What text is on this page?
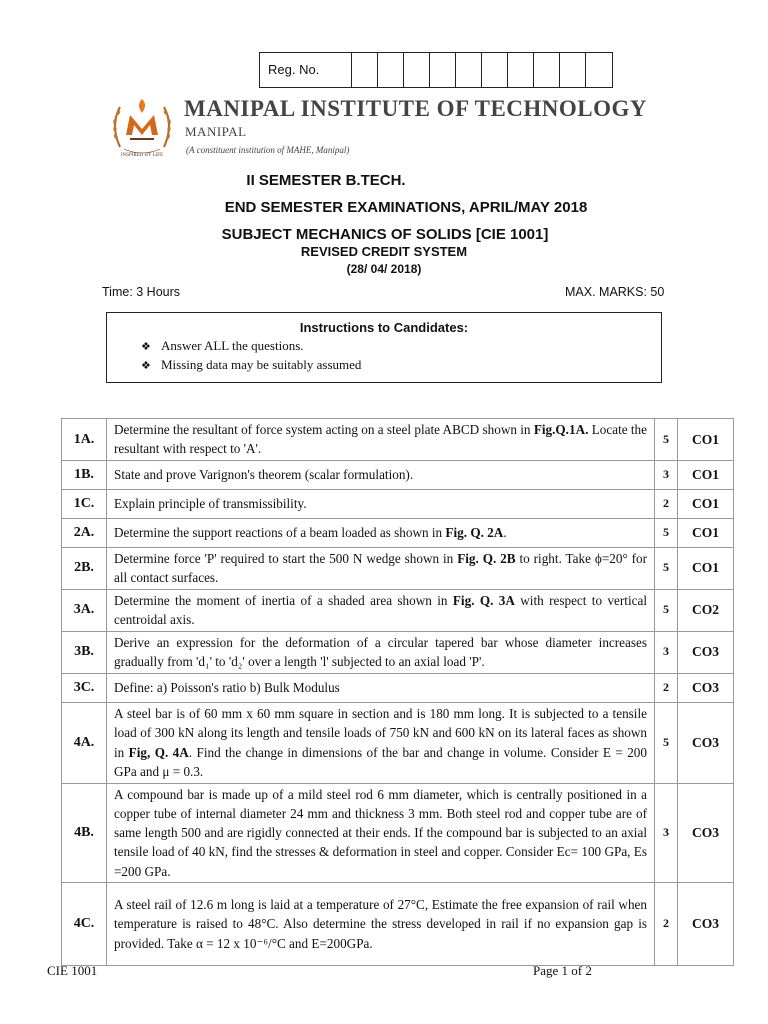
Reg. No.
INSPIRED BY LIFE
MANIPAL INSTITUTE OF TECHNOLOGY
MANIPAL
(A constituent institution of MAHE, Manipal)
II SEMESTER B.TECH.
END SEMESTER EXAMINATIONS, APRIL/MAY 2018
SUBJECT MECHANICS OF SOLIDS [CIE 1001]
REVISED CREDIT SYSTEM
(28/ 04/ 2018)
Time: 3 Hours	MAX. MARKS: 50
Instructions to Candidates:
❖ Answer ALL the questions.
❖ Missing data may be suitably assumed
1A.	Determine the resultant of force system acting on a steel plate ABCD shown in Fig.Q.1A. Locate the resultant with respect to 'A'.	5	CO1
1B.	State and prove Varignon's theorem (scalar formulation).	3	CO1
1C.	Explain principle of transmissibility.	2	CO1
2A.	Determine the support reactions of a beam loaded as shown in Fig. Q. 2A.	5	CO1
2B.	Determine force 'P' required to start the 500 N wedge shown in Fig. Q. 2B to right. Take ϕ=20° for all contact surfaces.	5	CO1
3A.	Determine the moment of inertia of a shaded area shown in Fig. Q. 3A with respect to vertical centroidal axis.	5	CO2
3B.	Derive an expression for the deformation of a circular tapered bar whose diameter increases gradually from 'd₁' to 'd₂' over a length 'l' subjected to an axial load 'P'.	3	CO3
3C.	Define: a) Poisson's ratio b) Bulk Modulus	2	CO3
4A.	A steel bar is of 60 mm x 60 mm square in section and is 180 mm long. It is subjected to a tensile load of 300 kN along its length and tensile loads of 750 kN and 600 kN on its lateral faces as shown in Fig, Q. 4A. Find the change in dimensions of the bar and change in volume. Consider E = 200 GPa and μ = 0.3.	5	CO3
4B.	A compound bar is made up of a mild steel rod 6 mm diameter, which is centrally positioned in a copper tube of internal diameter 24 mm and thickness 3 mm. Both steel rod and copper tube are of same length 500 and are rigidly connected at their ends. If the compound bar is subjected to an axial tensile load of 40 kN, find the stresses & deformation in steel and copper. Consider Ec= 100 GPa, Es =200 GPa.	3	CO3
4C.	A steel rail of 12.6 m long is laid at a temperature of 27°C, Estimate the free expansion of rail when temperature is raised to 48°C. Also determine the stress developed in rail if no expansion gap is provided. Take α = 12 x 10⁻⁶/°C and E=200GPa.	2	CO3
CIE 1001	Page 1 of 2
